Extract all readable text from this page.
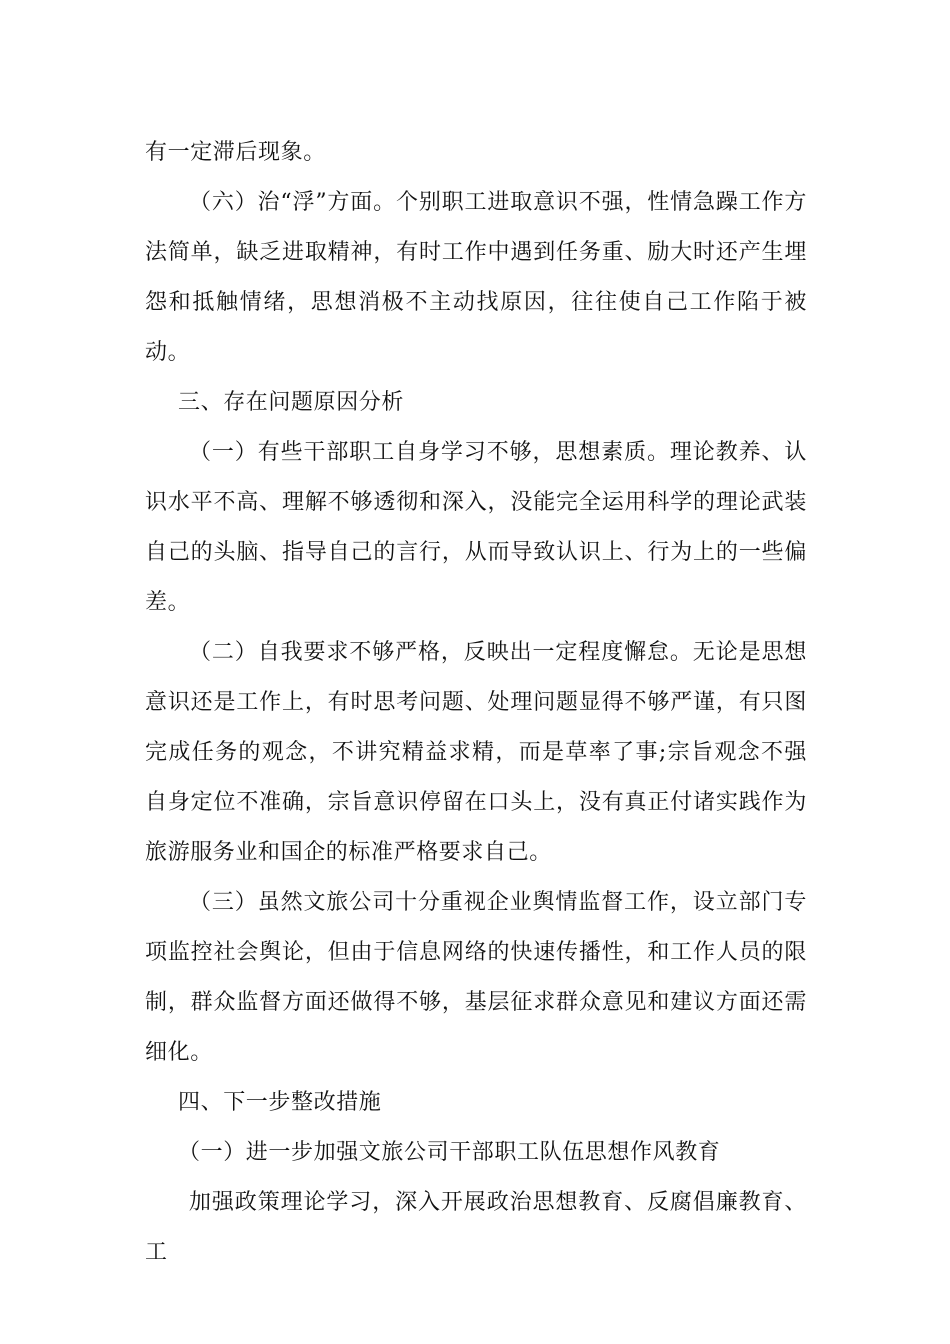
有一定滞后现象。

（六）治“浮”方面。个别职工进取意识不强，性情急躁工作方法简单，缺乏进取精神，有时工作中遇到任务重、励大时还产生埋怨和抵触情绪，思想消极不主动找原因，往往使自己工作陷于被动。

三、存在问题原因分析

（一）有些干部职工自身学习不够，思想素质。理论教养、认识水平不高、理解不够透彻和深入，没能完全运用科学的理论武装自己的头脑、指导自己的言行，从而导致认识上、行为上的一些偏差。

（二）自我要求不够严格，反映出一定程度懈怠。无论是思想意识还是工作上，有时思考问题、处理问题显得不够严谨，有只图完成任务的观念，不讲究精益求精，而是草率了事;宗旨观念不强自身定位不准确，宗旨意识停留在口头上，没有真正付诸实践作为旅游服务业和国企的标准严格要求自己。

（三）虽然文旅公司十分重视企业舆情监督工作，设立部门专项监控社会舆论，但由于信息网络的快速传播性，和工作人员的限制，群众监督方面还做得不够，基层征求群众意见和建议方面还需细化。

四、下一步整改措施

（一）进一步加强文旅公司干部职工队伍思想作风教育

加强政策理论学习，深入开展政治思想教育、反腐倡廉教育、工
